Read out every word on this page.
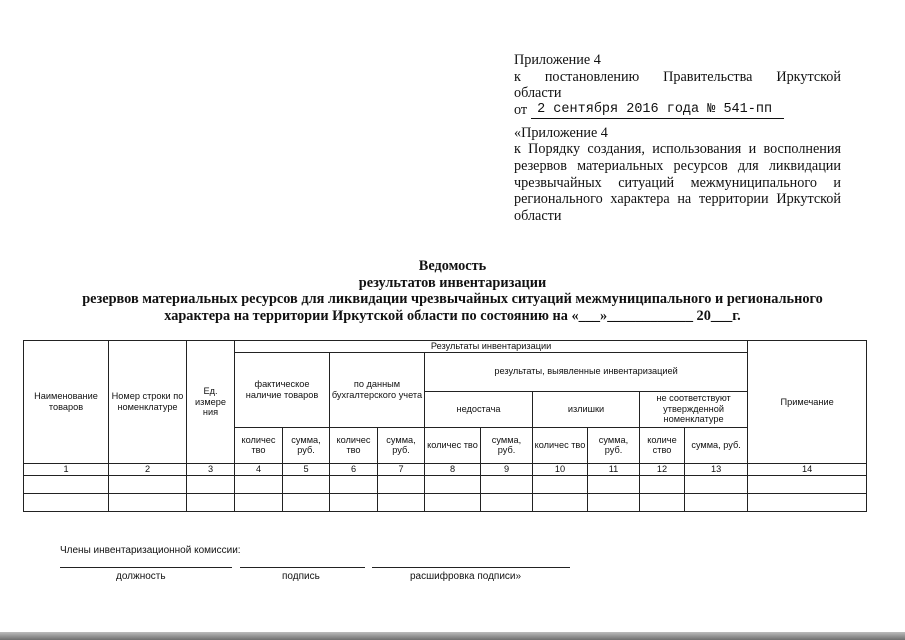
Приложение 4
к постановлению Правительства Иркутской
области
от 2 сентября 2016 года № 541-пп
«Приложение 4
к Порядку создания, использования и восполнения резервов материальных ресурсов для ликвидации чрезвычайных ситуаций межмуниципального и регионального характера на территории Иркутской области
Ведомость
результатов инвентаризации
резервов материальных ресурсов для ликвидации чрезвычайных ситуаций межмуниципального и регионального
характера на территории Иркутской области по состоянию на «___»____________ 20___г.
Наименование товаров	Номер строки по номенклатуре	Ед. измере ния	Результаты инвентаризации										Примечание
			фактическое наличие товаров		по данным бухгалтерского учета		результаты, выявленные инвентаризацией						
							недостача		излишки		не соответствуют утвержденной номенклатуре		
			количес тво	сумма, руб.	количес тво	сумма, руб.	количес тво	сумма, руб.	количес тво	сумма, руб.	количе ство	сумма, руб.	
1	2	3	4	5	6	7	8	9	10	11	12	13	14

Члены инвентаризационной комиссии:
должность	подпись	расшифровка подписи»
